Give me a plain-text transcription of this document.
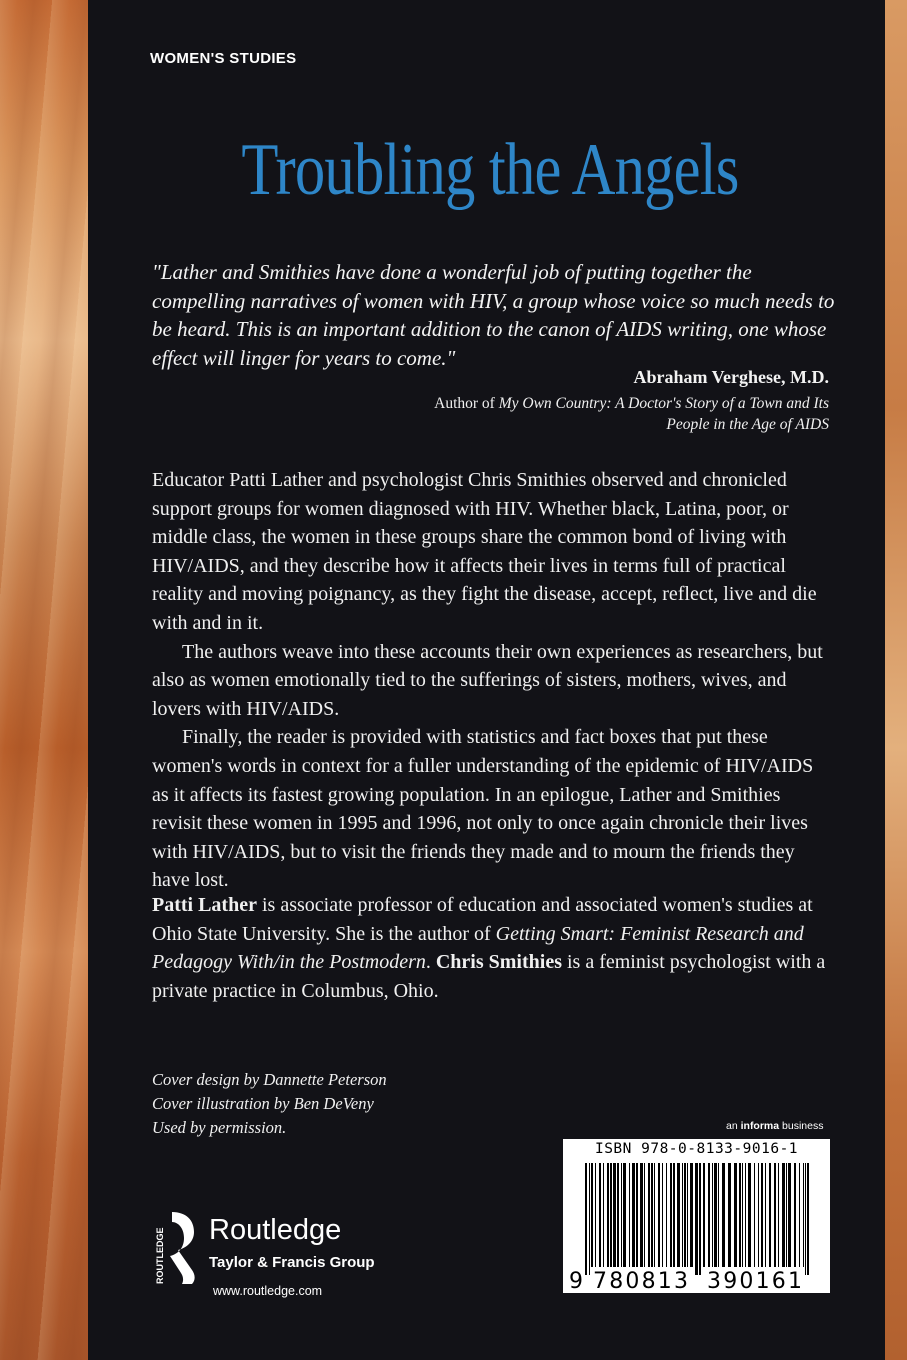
WOMEN'S STUDIES
Troubling the Angels
"Lather and Smithies have done a wonderful job of putting together the compelling narratives of women with HIV, a group whose voice so much needs to be heard. This is an important addition to the canon of AIDS writing, one whose effect will linger for years to come."
Abraham Verghese, M.D.
Author of My Own Country: A Doctor's Story of a Town and Its People in the Age of AIDS

Educator Patti Lather and psychologist Chris Smithies observed and chronicled support groups for women diagnosed with HIV. Whether black, Latina, poor, or middle class, the women in these groups share the common bond of living with HIV/AIDS, and they describe how it affects their lives in terms full of practical reality and moving poignancy, as they fight the disease, accept, reflect, live and die with and in it.

The authors weave into these accounts their own experiences as researchers, but also as women emotionally tied to the sufferings of sisters, mothers, wives, and lovers with HIV/AIDS.

Finally, the reader is provided with statistics and fact boxes that put these women's words in context for a fuller understanding of the epidemic of HIV/AIDS as it affects its fastest growing population. In an epilogue, Lather and Smithies revisit these women in 1995 and 1996, not only to once again chronicle their lives with HIV/AIDS, but to visit the friends they made and to mourn the friends they have lost.

Patti Lather is associate professor of education and associated women's studies at Ohio State University. She is the author of Getting Smart: Feminist Research and Pedagogy With/in the Postmodern. Chris Smithies is a feminist psychologist with a private practice in Columbus, Ohio.
Cover design by Dannette Peterson
Cover illustration by Ben DeVeny
Used by permission.	an informa business
ISBN 978-0-8133-9016-1
9 780813 390161
ROUTLEDGE Routledge
Taylor & Francis Group
www.routledge.com
